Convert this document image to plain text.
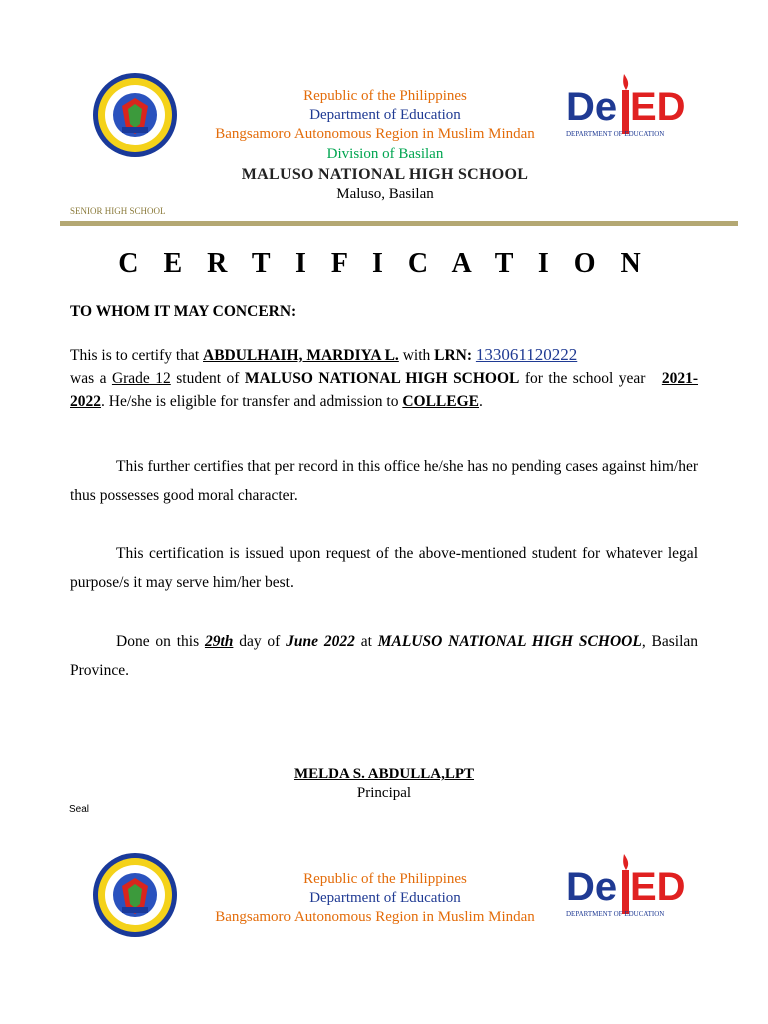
De ED
DEPARTMENT OF EDUCATION
Republic of the Philippines
Department of Education
Bangsamoro Autonomous Region in Muslim Mindan
Division of Basilan
MALUSO NATIONAL HIGH SCHOOL
Maluso, Basilan
SENIOR HIGH SCHOOL
C E R T I F I C A T I O N
TO WHOM IT MAY CONCERN:
This is to certify that ABDULHAIH, MARDIYA L. with LRN: 133061120222
was a Grade 12 student of MALUSO NATIONAL HIGH SCHOOL for the school year   2021-2022. He/she is eligible for transfer and admission to COLLEGE.
This further certifies that per record in this office he/she has no pending cases against him/her thus possesses good moral character.
This certification is issued upon request of the above-mentioned student for whatever legal purpose/s it may serve him/her best.
Done on this 29th day of June 2022 at MALUSO NATIONAL HIGH SCHOOL, Basilan Province.
MELDA S. ABDULLA,LPT
Principal
Seal
De ED
DEPARTMENT OF EDUCATION
Republic of the Philippines
Department of Education
Bangsamoro Autonomous Region in Muslim Mindan
